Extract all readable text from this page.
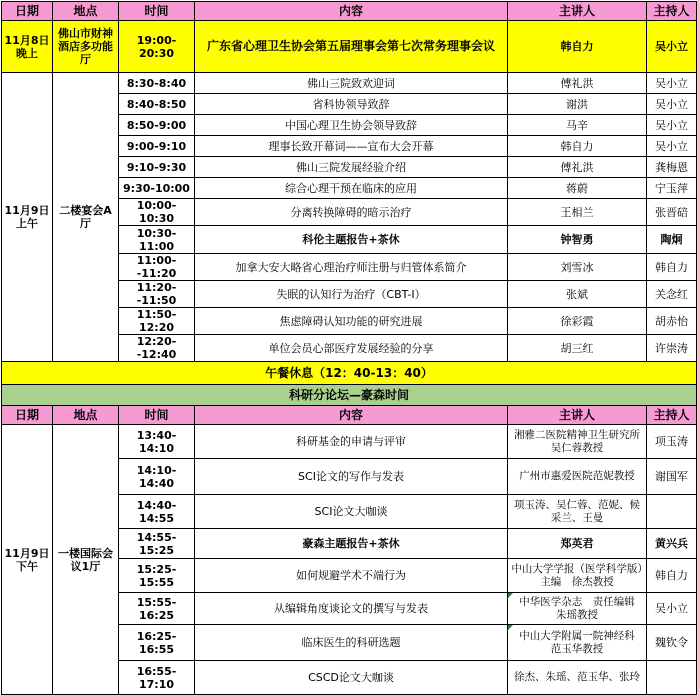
日期	地点	时间	内容	主讲人	主持人
11月8日晚上	佛山市财神酒店多功能厅	19:00-20:30	广东省心理卫生协会第五届理事会第七次常务理事会议	韩自力	吴小立
11月9日上午	二楼宴会A厅	8:30-8:40	佛山三院致欢迎词	傅礼洪	吴小立
		8:40-8:50	省科协领导致辞	谢洪	吴小立
		8:50-9:00	中国心理卫生协会领导致辞	马辛	吴小立
		9:00-9:10	理事长致开幕词——宣布大会开幕	韩自力	吴小立
		9:10-9:30	佛山三院发展经验介绍	傅礼洪	龚梅恩
		9:30-10:00	综合心理干预在临床的应用	蒋蔚	宁玉萍
		10:00-10:30	分离转换障碍的暗示治疗	王相兰	张晋碚
		10:30-11:00	科伦主题报告+茶休	钟智勇	陶炯
		11:00--11:20	加拿大安大略省心理治疗师注册与归管体系简介	刘雪冰	韩自力
		11:20--11:50	失眠的认知行为治疗（CBT-I）	张斌	关念红
		11:50-12:20	焦虑障碍认知功能的研究进展	徐彩霞	胡赤怡
		12:20--12:40	单位会员心部医疗发展经验的分享	胡三红	许崇涛
午餐休息（12：40-13：40）					
科研分论坛—豪森时间					
日期	地点	时间	内容	主讲人	主持人
11月9日下午	一楼国际会议1厅	13:40-14:10	科研基金的申请与评审	湘雅二医院精神卫生研究所　吴仁蓉教授	项玉涛
		14:10-14:40	SCI论文的写作与发表	广州市惠爱医院范妮教授	谢国军
		14:40-14:55	SCI论文大咖谈	项玉涛、吴仁蓉、范妮、候采兰、王曼	
		14:55-15:25	豪森主题报告+茶休	郑英君	黄兴兵
		15:25-15:55	如何规避学术不端行为	中山大学学报（医学科学版）主编　徐杰教授	韩自力
		15:55-16:25	从编辑角度谈论文的撰写与发表	中华医学杂志　责任编辑　朱瑶教授	吴小立
		16:25-16:55	临床医生的科研选题	中山大学附属一院神经科　范玉华教授	魏钦令
		16:55-17:10	CSCD论文大咖谈	徐杰、朱瑶、范玉华、张玲	
